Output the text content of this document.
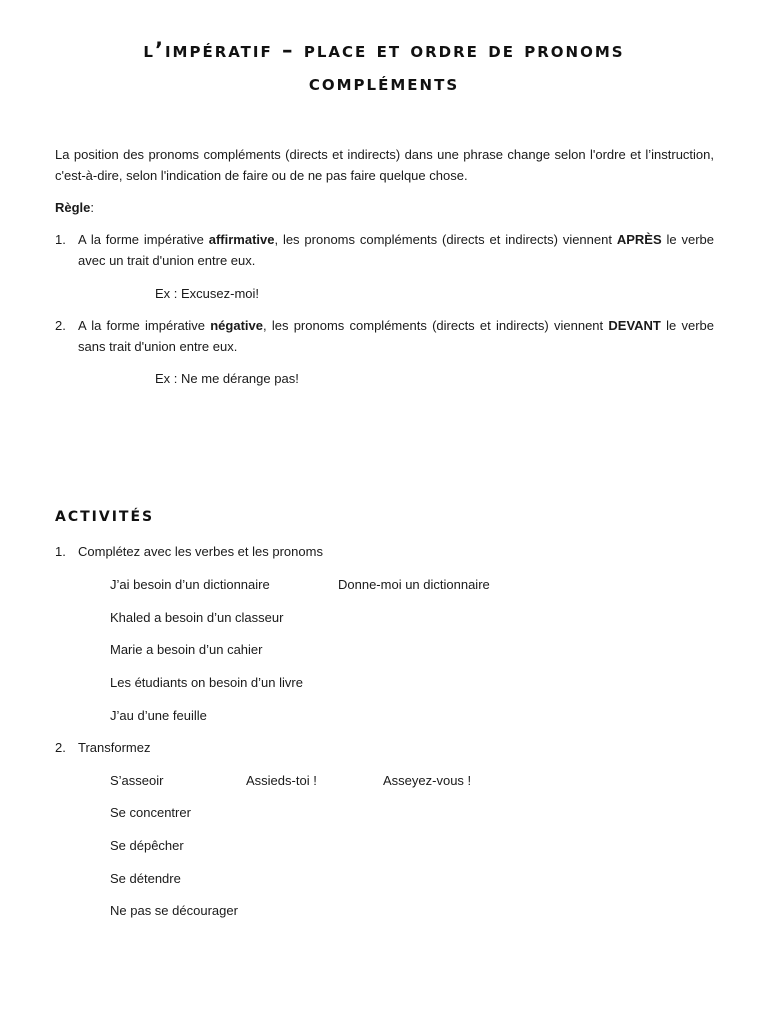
l’impératif – place et ordre de pronoms
compléments
La position des pronoms compléments (directs et indirects) dans une phrase change selon l'ordre et l’instruction, c'est-à-dire, selon l'indication de faire ou de ne pas faire quelque chose.
Règle:
1. A la forme impérative affirmative, les pronoms compléments (directs et indirects) viennent APRÈS le verbe avec un trait d'union entre eux.
Ex : Excusez-moi!
2. A la forme impérative négative, les pronoms compléments (directs et indirects) viennent DEVANT le verbe sans trait d'union entre eux.
Ex : Ne me dérange pas!
activités
1. Complétez avec les verbes et les pronoms
J’ai besoin d’un dictionnaire	Donne-moi un dictionnaire
Khaled a besoin d’un classeur
Marie a besoin d’un cahier
Les étudiants on besoin d’un livre
J’au d’une feuille
2. Transformez
S’asseoir	Assieds-toi !	Asseyez-vous !
Se concentrer
Se dépêcher
Se détendre
Ne pas se décourager
